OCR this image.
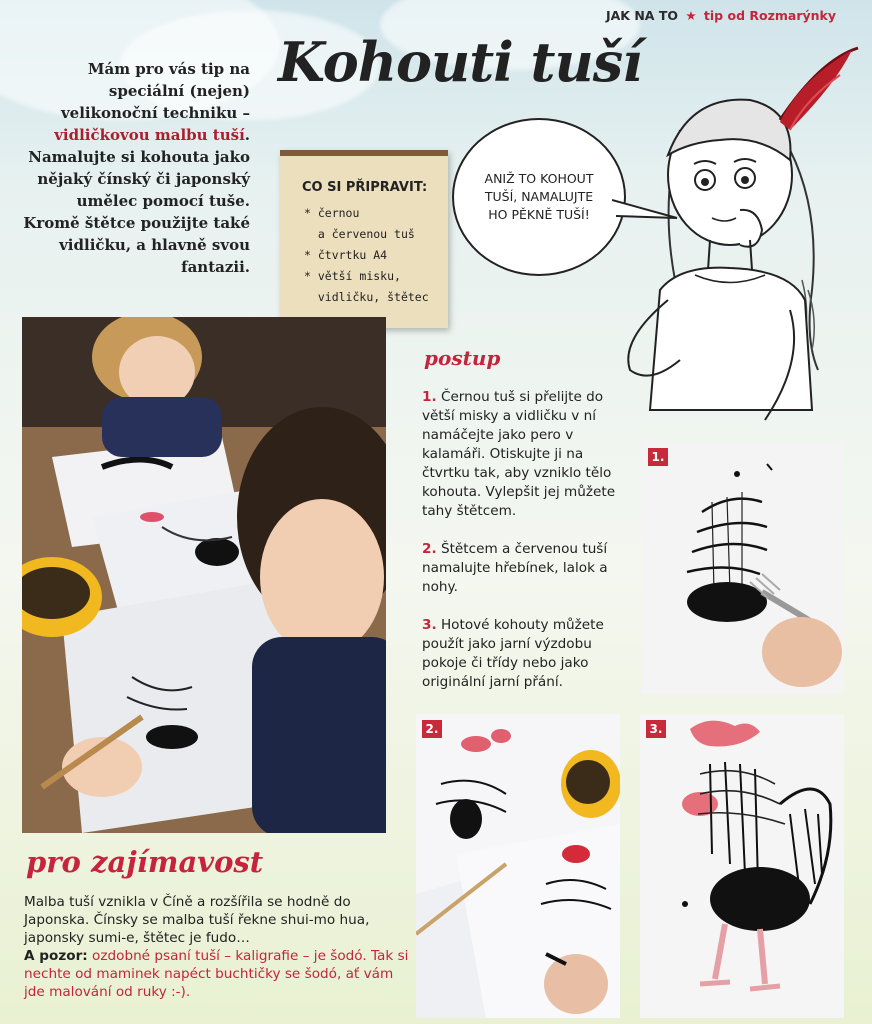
JAK NA TO ★ tip od Rozmarýnky
Kohouti tuší
Mám pro vás tip na speciální (nejen) velikonoční techniku – vidličkovou malbu tuší. Namalujte si kohouta jako nějaký čínský či japonský umělec pomocí tuše. Kromě štětce použijte také vidličku, a hlavně svou fantazii.
CO SI PŘIPRAVIT:
* černou
a červenou tuš
* čtvrtku A4
* větší misku,
vidličku, štětec
ANIŽ TO KOHOUT TUŠÍ, NAMALUJTE HO PĚKNĚ TUŠÍ!
postup

1. Černou tuš si přelijte do větší misky a vidličku v ní namáčejte jako pero v kalamáři. Otiskujte ji na čtvrtku tak, aby vzniklo tělo kohouta. Vylepšit jej můžete tahy štětcem.

2. Štětcem a červenou tuší namalujte hřebínek, lalok a nohy.

3. Hotové kohouty můžete použít jako jarní výzdobu pokoje či třídy nebo jako originální jarní přání.

1.
2.	3.
pro zajímavost
Malba tuší vznikla v Číně a rozšířila se hodně do Japonska. Čínsky se malba tuší řekne shui-mo hua, japonsky sumi-e, štětec je fudo…
A pozor: ozdobné psaní tuší – kaligrafie – je šodó. Tak si nechte od maminek napéct buchtičky se šodó, ať vám jde malování od ruky :-).
